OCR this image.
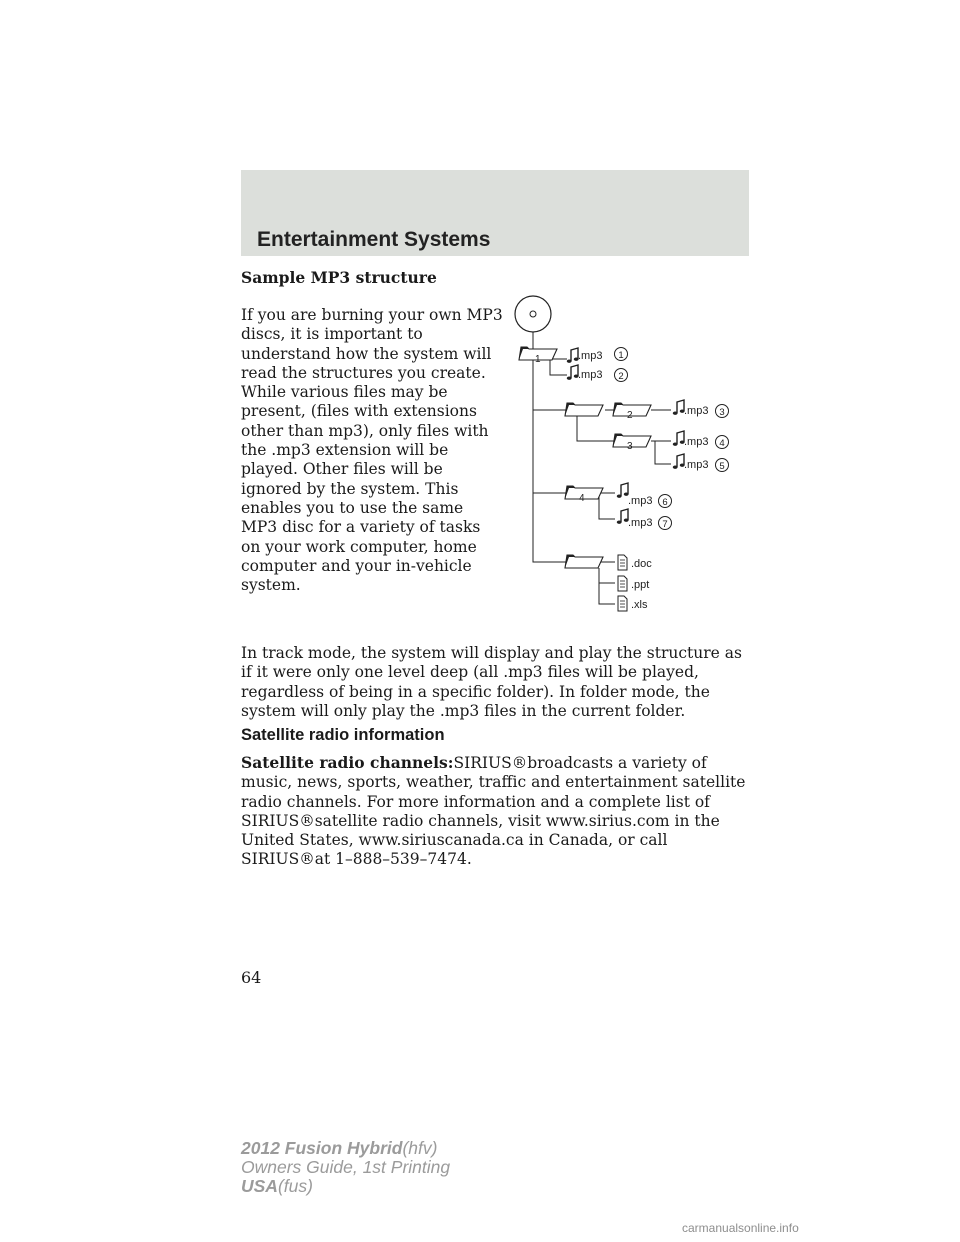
Entertainment Systems
Sample MP3 structure

If you are burning your own MP3 discs, it is important to understand how the system will read the structures you create. While various files may be present, (files with extensions other than mp3), only files with the .mp3 extension will be played. Other files will be ignored by the system. This enables you to use the same MP3 disc for a variety of tasks on your work computer, home computer and your in-vehicle system.

1
2
3
4
.mp3 1
.mp3 2
.mp3 3
.mp3 4
.mp3 5
.mp3 6
.mp3 7
.doc
.ppt
.xls

In track mode, the system will display and play the structure as if it were only one level deep (all .mp3 files will be played, regardless of being in a specific folder). In folder mode, the system will only play the .mp3 files in the current folder.

Satellite radio information

Satellite radio channels:SIRIUS®broadcasts a variety of music, news, sports, weather, traffic and entertainment satellite radio channels. For more information and a complete list of SIRIUS®satellite radio channels, visit www.sirius.com in the United States, www.siriuscanada.ca in Canada, or call SIRIUS®at 1–888–539–7474.

64

2012 Fusion Hybrid(hfv)
Owners Guide, 1st Printing
USA(fus)
carmanualsonline.info
